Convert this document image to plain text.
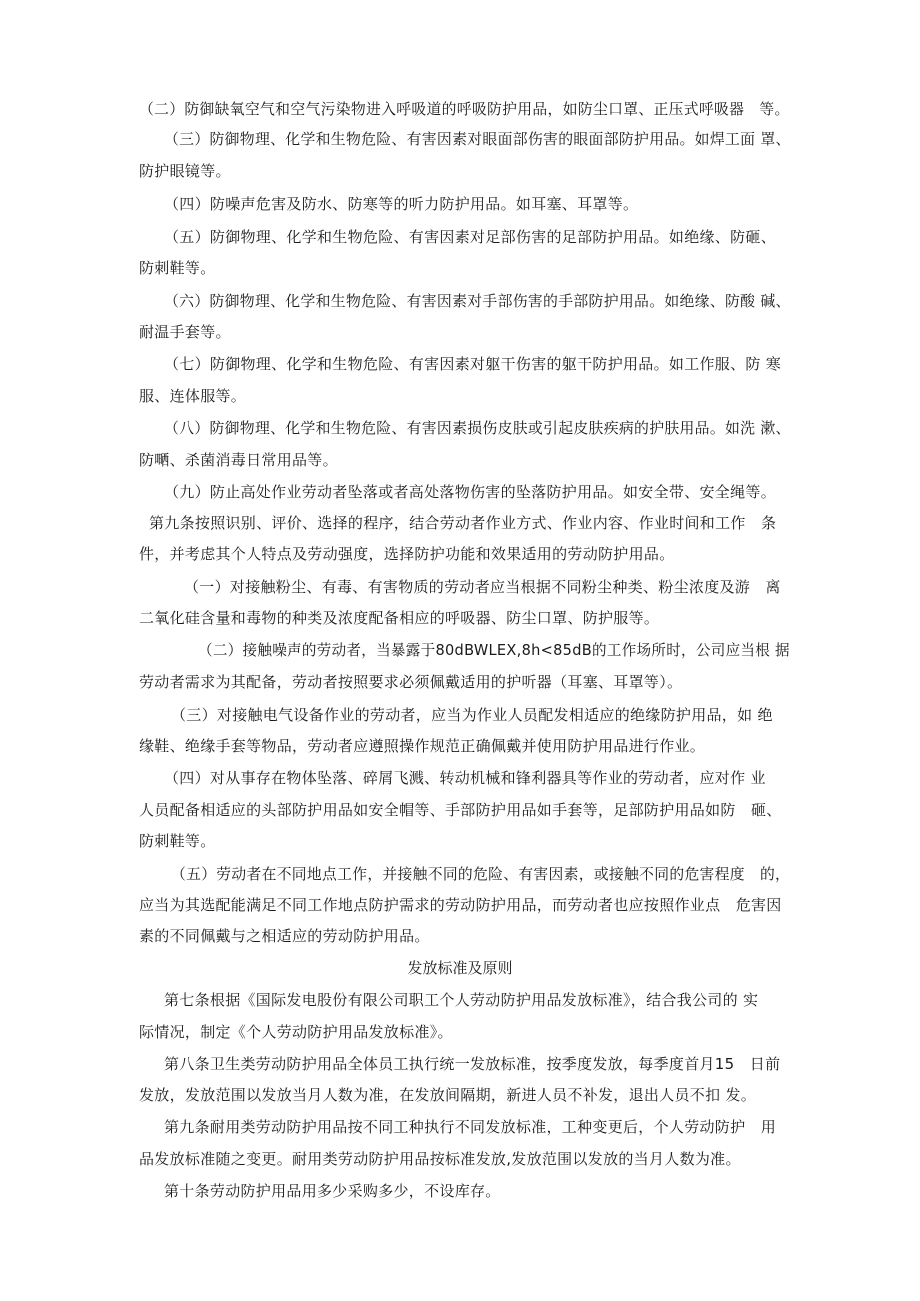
（二）防御缺氧空气和空气污染物进入呼吸道的呼吸防护用品，如防尘口罩、正压式呼吸器　等。
（三）防御物理、化学和生物危险、有害因素对眼面部伤害的眼面部防护用品。如焊工面 罩、
防护眼镜等。
（四）防噪声危害及防水、防寒等的听力防护用品。如耳塞、耳罩等。
（五）防御物理、化学和生物危险、有害因素对足部伤害的足部防护用品。如绝缘、防砸、
防刺鞋等。
（六）防御物理、化学和生物危险、有害因素对手部伤害的手部防护用品。如绝缘、防酸 碱、
耐温手套等。
（七）防御物理、化学和生物危险、有害因素对躯干伤害的躯干防护用品。如工作服、防 寒
服、连体服等。
（八）防御物理、化学和生物危险、有害因素损伤皮肤或引起皮肤疾病的护肤用品。如洗 漱、
防嗮、杀菌消毒日常用品等。
（九）防止高处作业劳动者坠落或者高处落物伤害的坠落防护用品。如安全带、安全绳等。
第九条按照识别、评价、选择的程序，结合劳动者作业方式、作业内容、作业时间和工作　条
件，并考虑其个人特点及劳动强度，选择防护功能和效果适用的劳动防护用品。
（一）对接触粉尘、有毒、有害物质的劳动者应当根据不同粉尘种类、粉尘浓度及游　离
二氧化硅含量和毒物的种类及浓度配备相应的呼吸器、防尘口罩、防护服等。
（二）接触噪声的劳动者，当暴露于80dBWLEX,8h<85dB的工作场所时，公司应当根 据
劳动者需求为其配备，劳动者按照要求必须佩戴适用的护听器（耳塞、耳罩等）。
（三）对接触电气设备作业的劳动者，应当为作业人员配发相适应的绝缘防护用品，如 绝
缘鞋、绝缘手套等物品，劳动者应遵照操作规范正确佩戴并使用防护用品进行作业。
（四）对从事存在物体坠落、碎屑飞溅、转动机械和锋利器具等作业的劳动者，应对作 业
人员配备相适应的头部防护用品如安全帽等、手部防护用品如手套等，足部防护用品如防　砸、
防刺鞋等。
（五）劳动者在不同地点工作，并接触不同的危险、有害因素，或接触不同的危害程度　的，
应当为其选配能满足不同工作地点防护需求的劳动防护用品，而劳动者也应按照作业点　危害因
素的不同佩戴与之相适应的劳动防护用品。
发放标准及原则
第七条根据《国际发电股份有限公司职工个人劳动防护用品发放标准》，结合我公司的 实
际情况，制定《个人劳动防护用品发放标准》。
第八条卫生类劳动防护用品全体员工执行统一发放标准，按季度发放，每季度首月15　日前
发放，发放范围以发放当月人数为准，在发放间隔期，新进人员不补发，退出人员不扣 发。
第九条耐用类劳动防护用品按不同工种执行不同发放标准，工种变更后，个人劳动防护　用
品发放标准随之变更。耐用类劳动防护用品按标准发放,发放范围以发放的当月人数为准。
第十条劳动防护用品用多少采购多少，不设库存。
